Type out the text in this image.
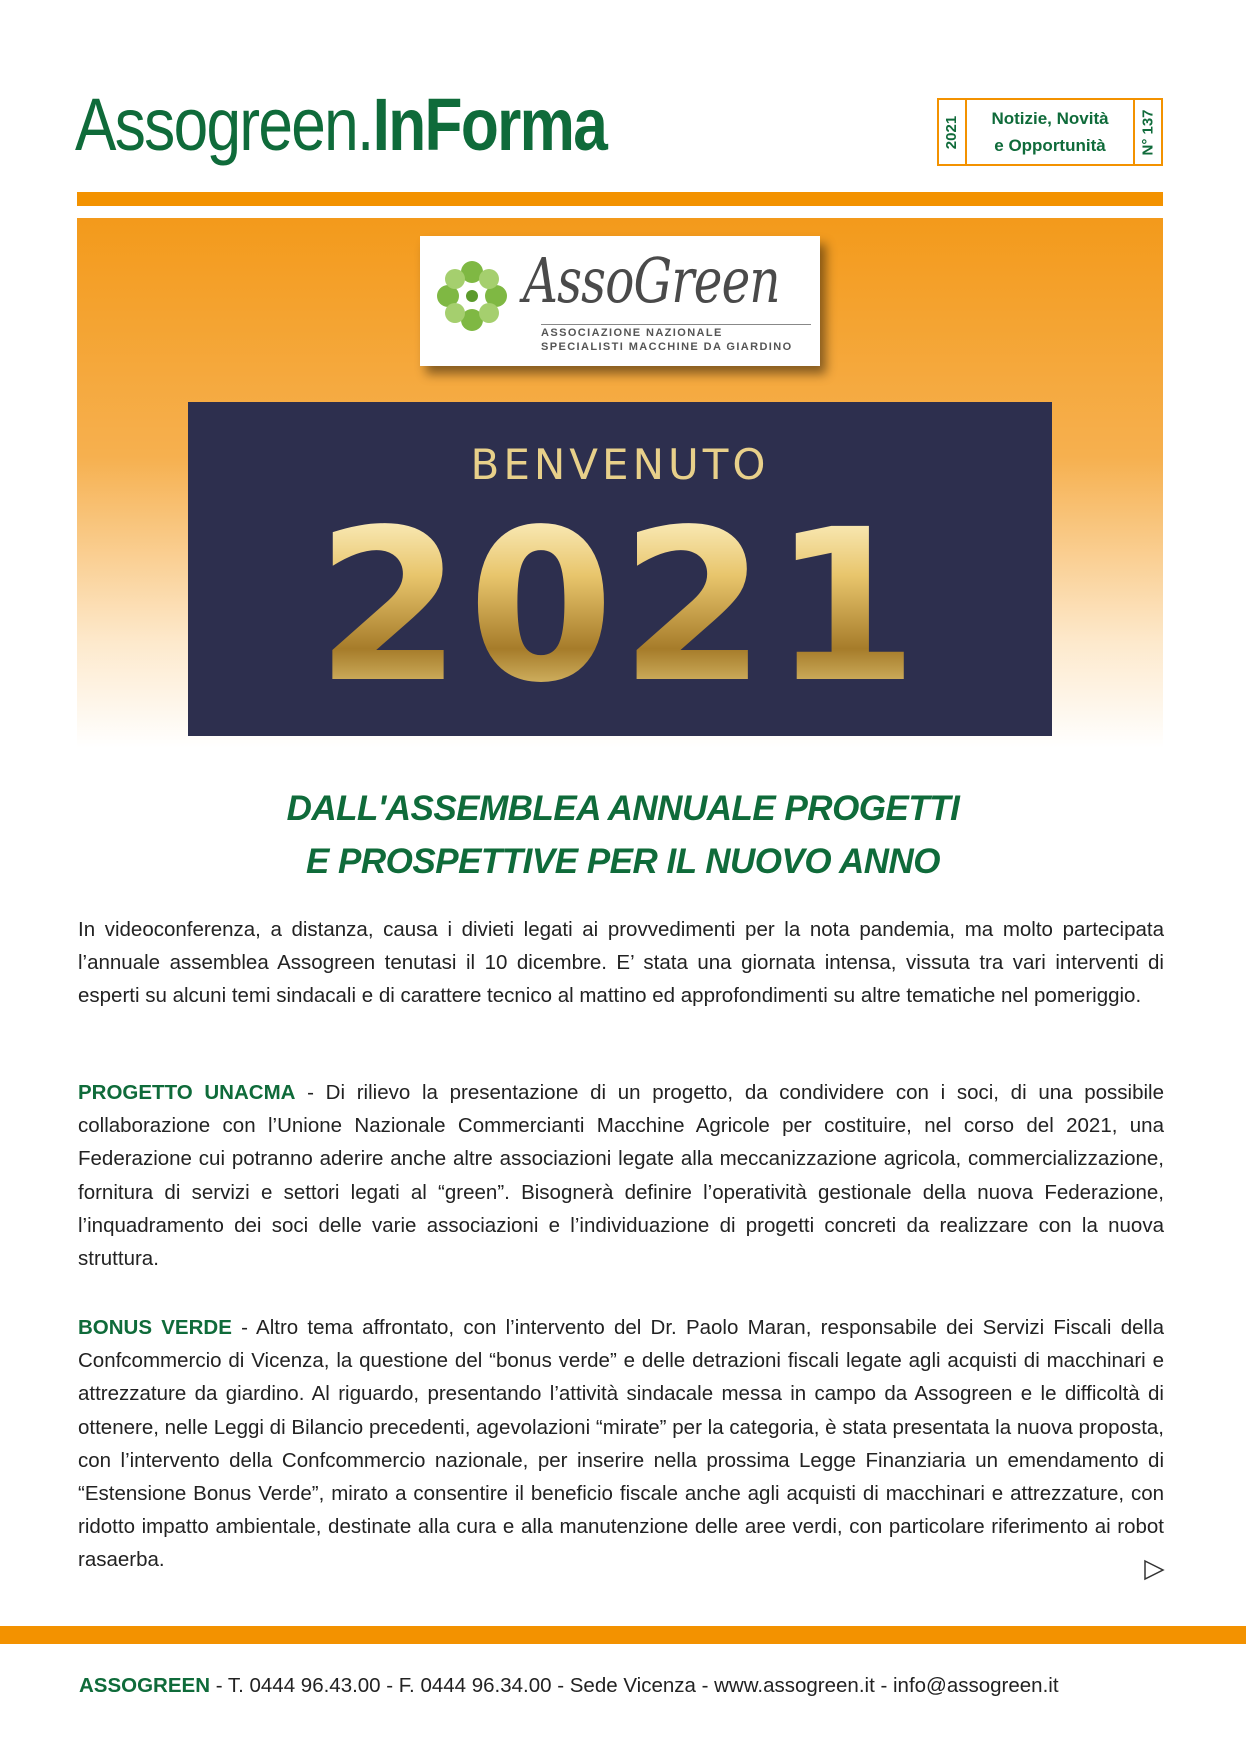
Assogreen.InForma	2021 Notizie, Novità
e Opportunità N° 137
AssoGreen
ASSOCIAZIONE NAZIONALE
SPECIALISTI MACCHINE DA GIARDINO
BENVENUTO
2021
DALL'ASSEMBLEA ANNUALE PROGETTI
E PROSPETTIVE PER IL NUOVO ANNO

In videoconferenza, a distanza, causa i divieti legati ai provvedimenti per la nota pandemia, ma molto partecipata l’annuale assemblea Assogreen tenutasi il 10 dicembre. E’ stata una giornata intensa, vissuta tra vari interventi di esperti su alcuni temi sindacali e di carattere tecnico al mattino ed approfondimenti su altre tematiche nel pomeriggio.

PROGETTO UNACMA - Di rilievo la presentazione di un progetto, da condividere con i soci, di una possibile collaborazione con l’Unione Nazionale Commercianti Macchine Agricole per costituire, nel corso del 2021, una Federazione cui potranno aderire anche altre associazioni legate alla meccanizzazione agricola, commercializzazione, fornitura di servizi e settori legati al “green”. Bisognerà definire l’operatività gestionale della nuova Federazione, l’inquadramento dei soci delle varie associazioni e l’individuazione di progetti concreti da realizzare con la nuova struttura.

BONUS VERDE - Altro tema affrontato, con l’intervento del Dr. Paolo Maran, responsabile dei Servizi Fiscali della Confcommercio di Vicenza, la questione del “bonus verde” e delle detrazioni fiscali legate agli acquisti di macchinari e attrezzature da giardino. Al riguardo, presentando l’attività sindacale messa in campo da Assogreen e le difficoltà di ottenere, nelle Leggi di Bilancio precedenti, agevolazioni “mirate” per la categoria, è stata presentata la nuova proposta, con l’intervento della Confcommercio nazionale, per inserire nella prossima Legge Finanziaria un emendamento di “Estensione Bonus Verde”, mirato a consentire il beneficio fiscale anche agli acquisti di macchinari e attrezzature, con ridotto impatto ambientale, destinate alla cura e alla manutenzione delle aree verdi, con particolare riferimento ai robot rasaerba.

ASSOGREEN - T. 0444 96.43.00 - F. 0444 96.34.00 - Sede Vicenza - www.assogreen.it - info@assogreen.it
